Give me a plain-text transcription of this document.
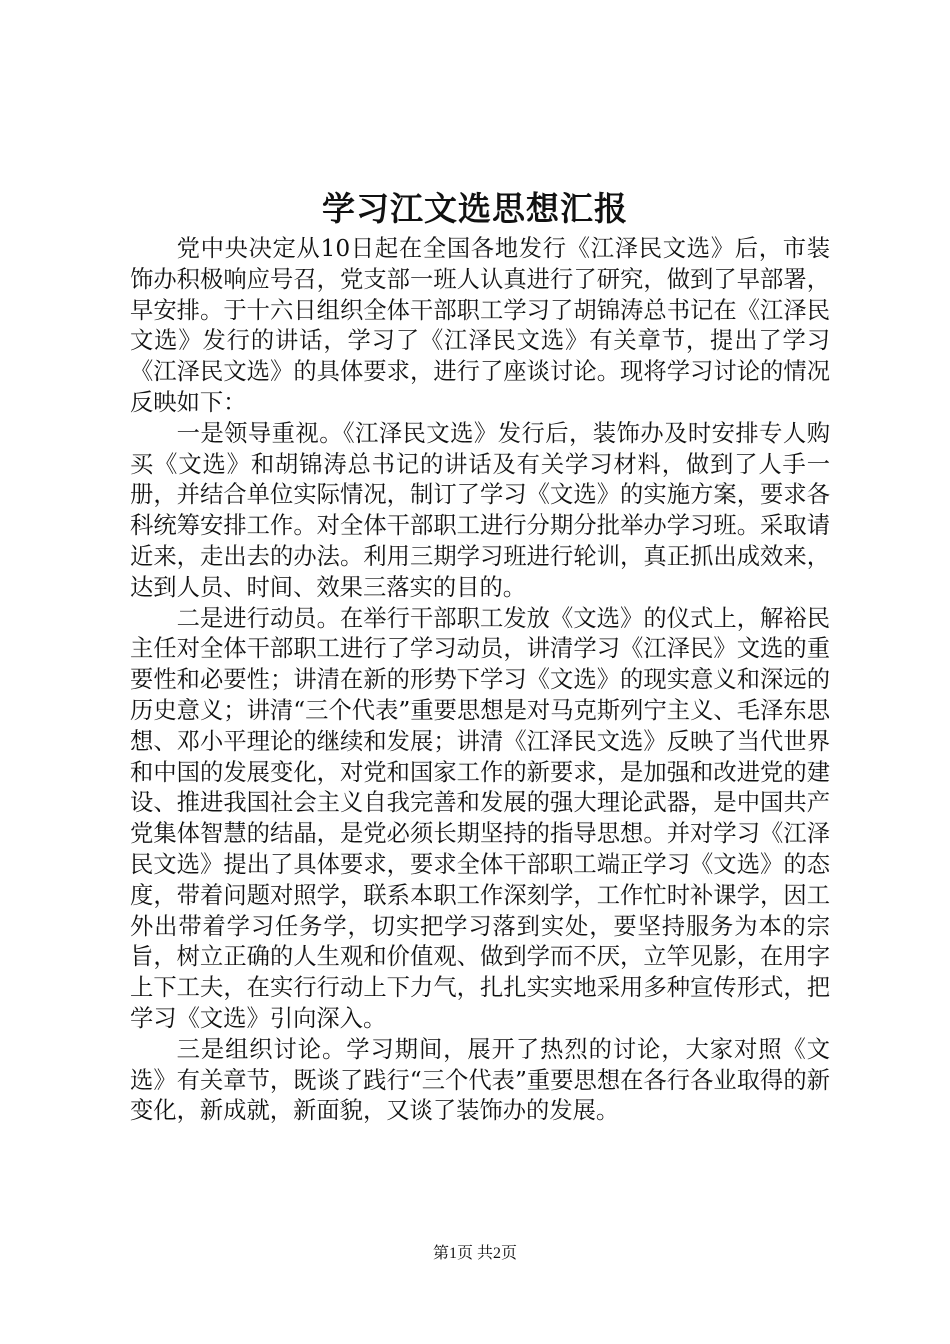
学习江文选思想汇报

党中央决定从10日起在全国各地发行《江泽民文选》后，市装饰办积极响应号召，党支部一班人认真进行了研究，做到了早部署，早安排。于十六日组织全体干部职工学习了胡锦涛总书记在《江泽民文选》发行的讲话，学习了《江泽民文选》有关章节，提出了学习《江泽民文选》的具体要求，进行了座谈讨论。现将学习讨论的情况反映如下：

一是领导重视。《江泽民文选》发行后，装饰办及时安排专人购买《文选》和胡锦涛总书记的讲话及有关学习材料，做到了人手一册，并结合单位实际情况，制订了学习《文选》的实施方案，要求各科统筹安排工作。对全体干部职工进行分期分批举办学习班。采取请近来，走出去的办法。利用三期学习班进行轮训，真正抓出成效来，达到人员、时间、效果三落实的目的。

二是进行动员。在举行干部职工发放《文选》的仪式上，解裕民主任对全体干部职工进行了学习动员，讲清学习《江泽民》文选的重要性和必要性；讲清在新的形势下学习《文选》的现实意义和深远的历史意义；讲清“三个代表”重要思想是对马克斯列宁主义、毛泽东思想、邓小平理论的继续和发展；讲清《江泽民文选》反映了当代世界和中国的发展变化，对党和国家工作的新要求，是加强和改进党的建设、推进我国社会主义自我完善和发展的强大理论武器，是中国共产党集体智慧的结晶，是党必须长期坚持的指导思想。并对学习《江泽民文选》提出了具体要求，要求全体干部职工端正学习《文选》的态度，带着问题对照学，联系本职工作深刻学，工作忙时补课学，因工外出带着学习任务学，切实把学习落到实处，要坚持服务为本的宗旨，树立正确的人生观和价值观、做到学而不厌，立竿见影，在用字上下工夫，在实行行动上下力气，扎扎实实地采用多种宣传形式，把学习《文选》引向深入。

三是组织讨论。学习期间，展开了热烈的讨论，大家对照《文选》有关章节，既谈了践行“三个代表”重要思想在各行各业取得的新变化，新成就，新面貌，又谈了装饰办的发展。

第1页 共2页
